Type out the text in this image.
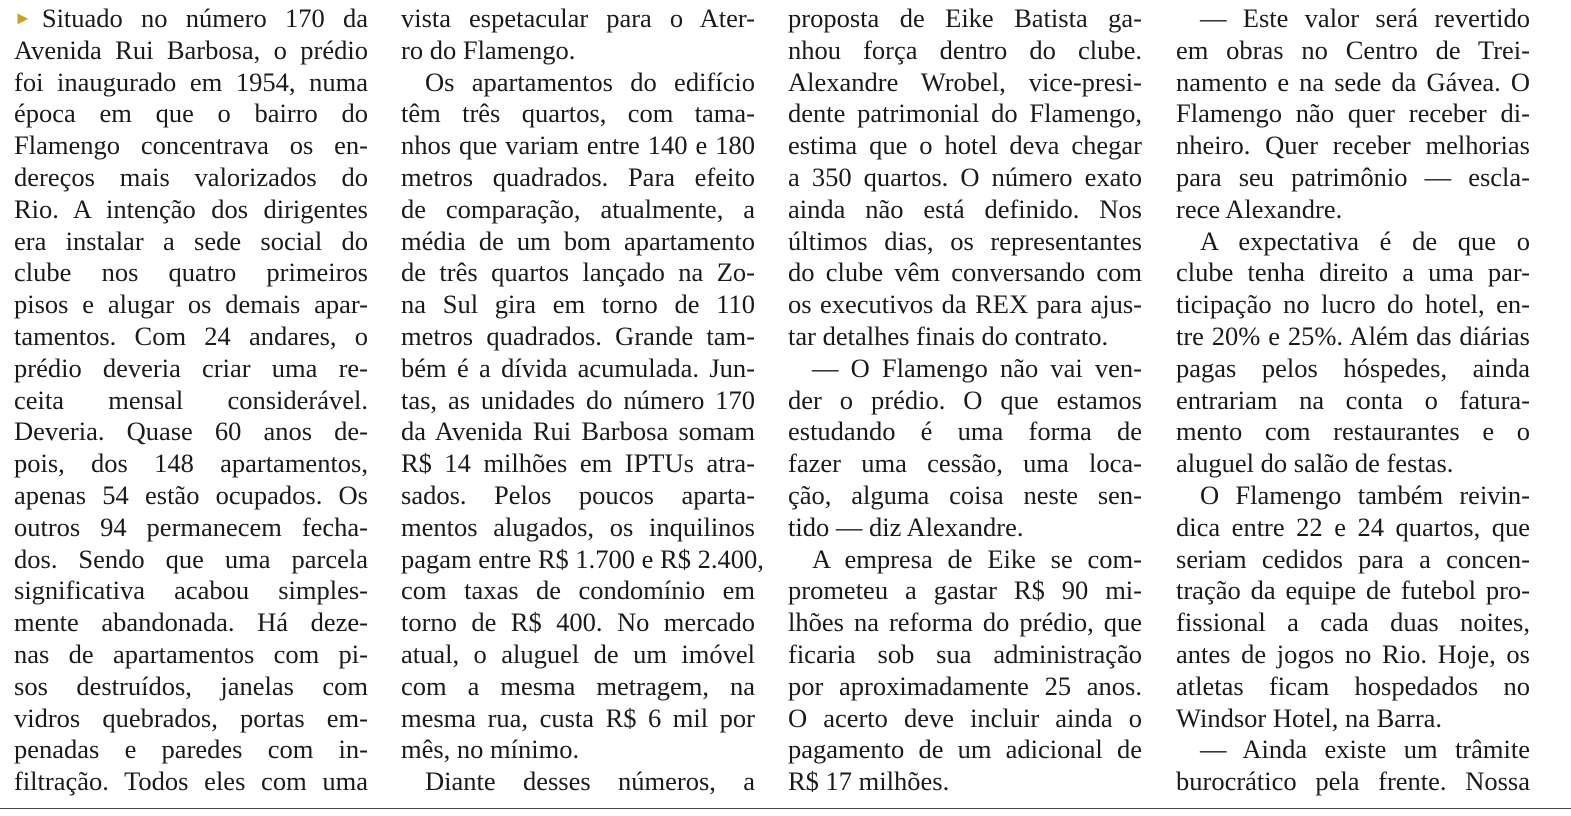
► Situado no número 170 da
Avenida Rui Barbosa, o prédio
foi inaugurado em 1954, numa
época em que o bairro do
Flamengo concentrava os en-
dereços mais valorizados do
Rio. A intenção dos dirigentes
era instalar a sede social do
clube nos quatro primeiros
pisos e alugar os demais apar-
tamentos. Com 24 andares, o
prédio deveria criar uma re-
ceita mensal considerável.
Deveria. Quase 60 anos de-
pois, dos 148 apartamentos,
apenas 54 estão ocupados. Os
outros 94 permanecem fecha-
dos. Sendo que uma parcela
significativa acabou simples-
mente abandonada. Há deze-
nas de apartamentos com pi-
sos destruídos, janelas com
vidros quebrados, portas em-
penadas e paredes com in-
filtração. Todos eles com uma
vista espetacular para o Ater-
ro do Flamengo.
Os apartamentos do edifício
têm três quartos, com tama-
nhos que variam entre 140 e 180
metros quadrados. Para efeito
de comparação, atualmente, a
média de um bom apartamento
de três quartos lançado na Zo-
na Sul gira em torno de 110
metros quadrados. Grande tam-
bém é a dívida acumulada. Jun-
tas, as unidades do número 170
da Avenida Rui Barbosa somam
R$ 14 milhões em IPTUs atra-
sados. Pelos poucos aparta-
mentos alugados, os inquilinos
pagam entre R$ 1.700 e R$ 2.400,
com taxas de condomínio em
torno de R$ 400. No mercado
atual, o aluguel de um imóvel
com a mesma metragem, na
mesma rua, custa R$ 6 mil por
mês, no mínimo.
Diante desses números, a
proposta de Eike Batista ga-
nhou força dentro do clube.
Alexandre Wrobel, vice-presi-
dente patrimonial do Flamengo,
estima que o hotel deva chegar
a 350 quartos. O número exato
ainda não está definido. Nos
últimos dias, os representantes
do clube vêm conversando com
os executivos da REX para ajus-
tar detalhes finais do contrato.
— O Flamengo não vai ven-
der o prédio. O que estamos
estudando é uma forma de
fazer uma cessão, uma loca-
ção, alguma coisa neste sen-
tido — diz Alexandre.
A empresa de Eike se com-
prometeu a gastar R$ 90 mi-
lhões na reforma do prédio, que
ficaria sob sua administração
por aproximadamente 25 anos.
O acerto deve incluir ainda o
pagamento de um adicional de
R$ 17 milhões.
— Este valor será revertido
em obras no Centro de Trei-
namento e na sede da Gávea. O
Flamengo não quer receber di-
nheiro. Quer receber melhorias
para seu patrimônio — escla-
rece Alexandre.
A expectativa é de que o
clube tenha direito a uma par-
ticipação no lucro do hotel, en-
tre 20% e 25%. Além das diárias
pagas pelos hóspedes, ainda
entrariam na conta o fatura-
mento com restaurantes e o
aluguel do salão de festas.
O Flamengo também reivin-
dica entre 22 e 24 quartos, que
seriam cedidos para a concen-
tração da equipe de futebol pro-
fissional a cada duas noites,
antes de jogos no Rio. Hoje, os
atletas ficam hospedados no
Windsor Hotel, na Barra.
— Ainda existe um trâmite
burocrático pela frente. Nossa
